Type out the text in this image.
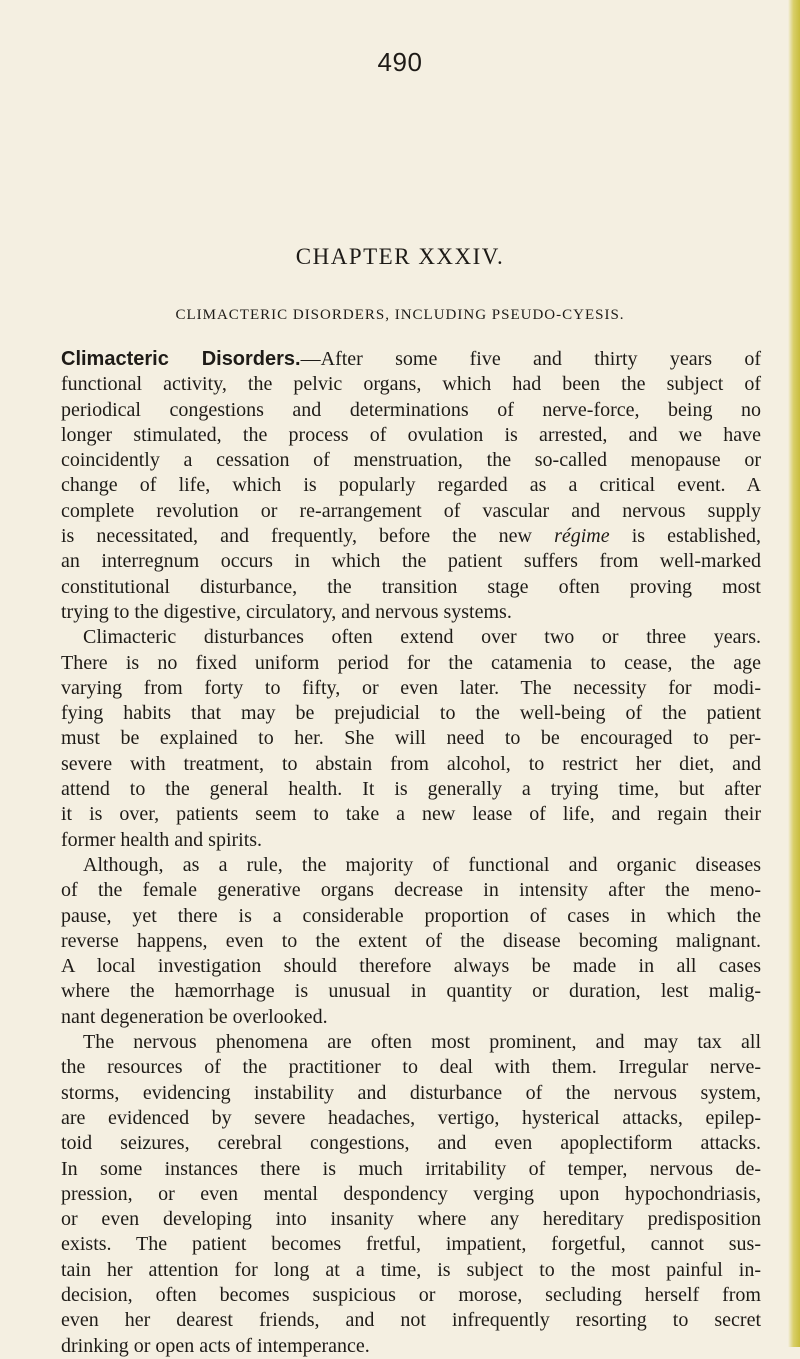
490
CHAPTER XXXIV.
CLIMACTERIC DISORDERS, INCLUDING PSEUDO-CYESIS.

Climacteric Disorders.—After some five and thirty years of
functional activity, the pelvic organs, which had been the subject of
periodical congestions and determinations of nerve-force, being no
longer stimulated, the process of ovulation is arrested, and we have
coincidently a cessation of menstruation, the so-called menopause or
change of life, which is popularly regarded as a critical event. A
complete revolution or re-arrangement of vascular and nervous supply
is necessitated, and frequently, before the new régime is established,
an interregnum occurs in which the patient suffers from well-marked
constitutional disturbance, the transition stage often proving most
trying to the digestive, circulatory, and nervous systems.

Climacteric disturbances often extend over two or three years.
There is no fixed uniform period for the catamenia to cease, the age
varying from forty to fifty, or even later. The necessity for modi-
fying habits that may be prejudicial to the well-being of the patient
must be explained to her. She will need to be encouraged to per-
severe with treatment, to abstain from alcohol, to restrict her diet, and
attend to the general health. It is generally a trying time, but after
it is over, patients seem to take a new lease of life, and regain their
former health and spirits.

Although, as a rule, the majority of functional and organic diseases
of the female generative organs decrease in intensity after the meno-
pause, yet there is a considerable proportion of cases in which the
reverse happens, even to the extent of the disease becoming malignant.
A local investigation should therefore always be made in all cases
where the hæmorrhage is unusual in quantity or duration, lest malig-
nant degeneration be overlooked.

The nervous phenomena are often most prominent, and may tax all
the resources of the practitioner to deal with them. Irregular nerve-
storms, evidencing instability and disturbance of the nervous system,
are evidenced by severe headaches, vertigo, hysterical attacks, epilep-
toid seizures, cerebral congestions, and even apoplectiform attacks.
In some instances there is much irritability of temper, nervous de-
pression, or even mental despondency verging upon hypochondriasis,
or even developing into insanity where any hereditary predisposition
exists. The patient becomes fretful, impatient, forgetful, cannot sus-
tain her attention for long at a time, is subject to the most painful in-
decision, often becomes suspicious or morose, secluding herself from
even her dearest friends, and not infrequently resorting to secret
drinking or open acts of intemperance.
